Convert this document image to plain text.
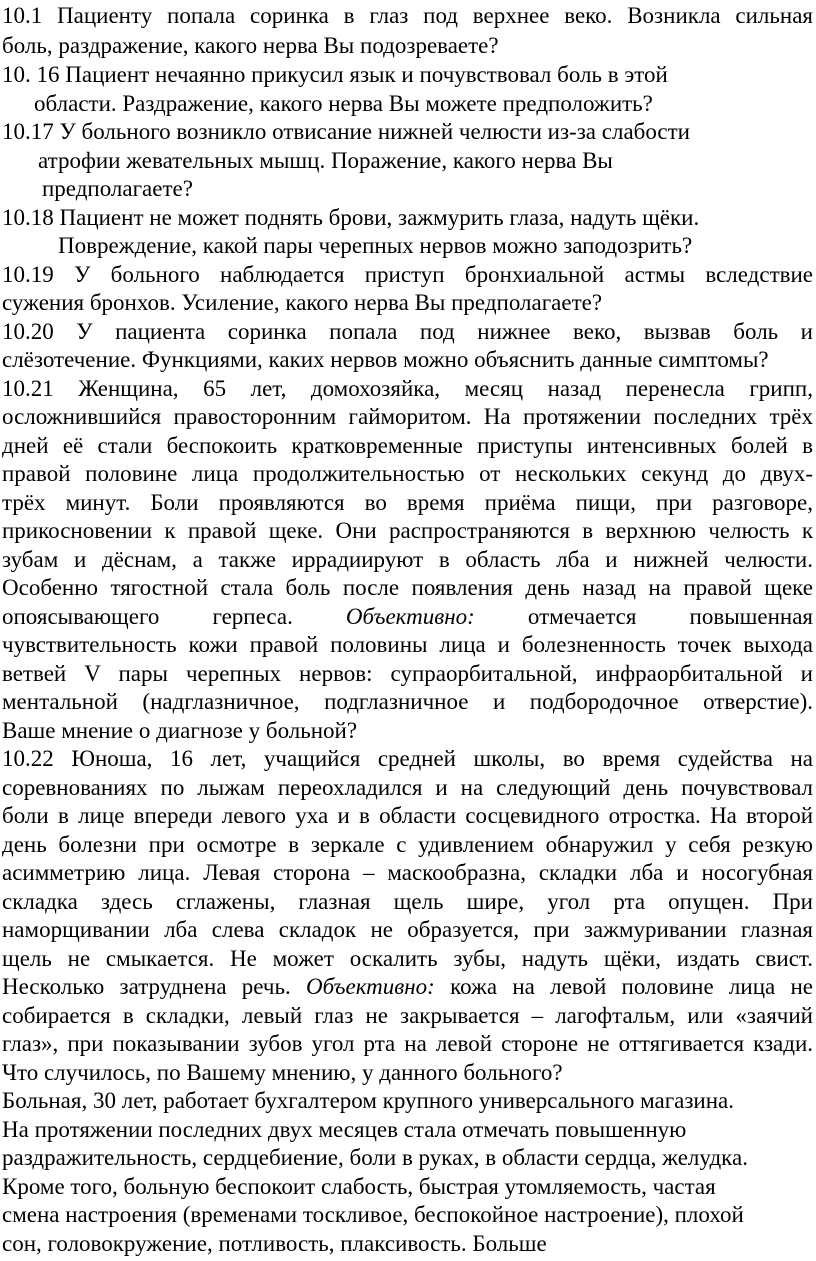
10.1 Пациенту попала соринка в глаз под верхнее веко. Возникла сильная
боль, раздражение, какого нерва Вы подозреваете?
10. 16 Пациент нечаянно прикусил язык и почувствовал боль в этой
области. Раздражение, какого нерва Вы можете предположить?
10.17 У больного возникло отвисание нижней челюсти из-за слабости
атрофии жевательных мышц. Поражение, какого нерва Вы
предполагаете?
10.18 Пациент не может поднять брови, зажмурить глаза, надуть щёки.
Повреждение, какой пары черепных нервов можно заподозрить?
10.19 У больного наблюдается приступ бронхиальной астмы вследствие
сужения бронхов. Усиление, какого нерва Вы предполагаете?
10.20 У пациента соринка попала под нижнее веко, вызвав боль и
слёзотечение. Функциями, каких нервов можно объяснить данные симптомы?
10.21 Женщина, 65 лет, домохозяйка, месяц назад перенесла грипп,
осложнившийся правосторонним гайморитом. На протяжении последних трёх
дней её стали беспокоить кратковременные приступы интенсивных болей в
правой половине лица продолжительностью от нескольких секунд до двух-
трёх минут. Боли проявляются во время приёма пищи, при разговоре,
прикосновении к правой щеке. Они распространяются в верхнюю челюсть к
зубам и дёснам, а также иррадиируют в область лба и нижней челюсти.
Особенно тягостной стала боль после появления день назад на правой щеке
опоясывающего герпеса. Объективно: отмечается повышенная
чувствительность кожи правой половины лица и болезненность точек выхода
ветвей V пары черепных нервов: супраорбитальной, инфраорбитальной и
ментальной (надглазничное, подглазничное и подбородочное отверстие).
Ваше мнение о диагнозе у больной?
10.22 Юноша, 16 лет, учащийся средней школы, во время судейства на
соревнованиях по лыжам переохладился и на следующий день почувствовал
боли в лице впереди левого уха и в области сосцевидного отростка. На второй
день болезни при осмотре в зеркале с удивлением обнаружил у себя резкую
асимметрию лица. Левая сторона – маскообразна, складки лба и носогубная
складка здесь сглажены, глазная щель шире, угол рта опущен. При
наморщивании лба слева складок не образуется, при зажмуривании глазная
щель не смыкается. Не может оскалить зубы, надуть щёки, издать свист.
Несколько затруднена речь. Объективно: кожа на левой половине лица не
собирается в складки, левый глаз не закрывается – лагофтальм, или «заячий
глаз», при показывании зубов угол рта на левой стороне не оттягивается кзади.
Что случилось, по Вашему мнению, у данного больного?
Больная, 30 лет, работает бухгалтером крупного универсального магазина.
На протяжении последних двух месяцев стала отмечать повышенную
раздражительность, сердцебиение, боли в руках, в области сердца, желудка.
Кроме того, больную беспокоит слабость, быстрая утомляемость, частая
смена настроения (временами тоскливое, беспокойное настроение), плохой
сон, головокружение, потливость, плаксивость. Больше
